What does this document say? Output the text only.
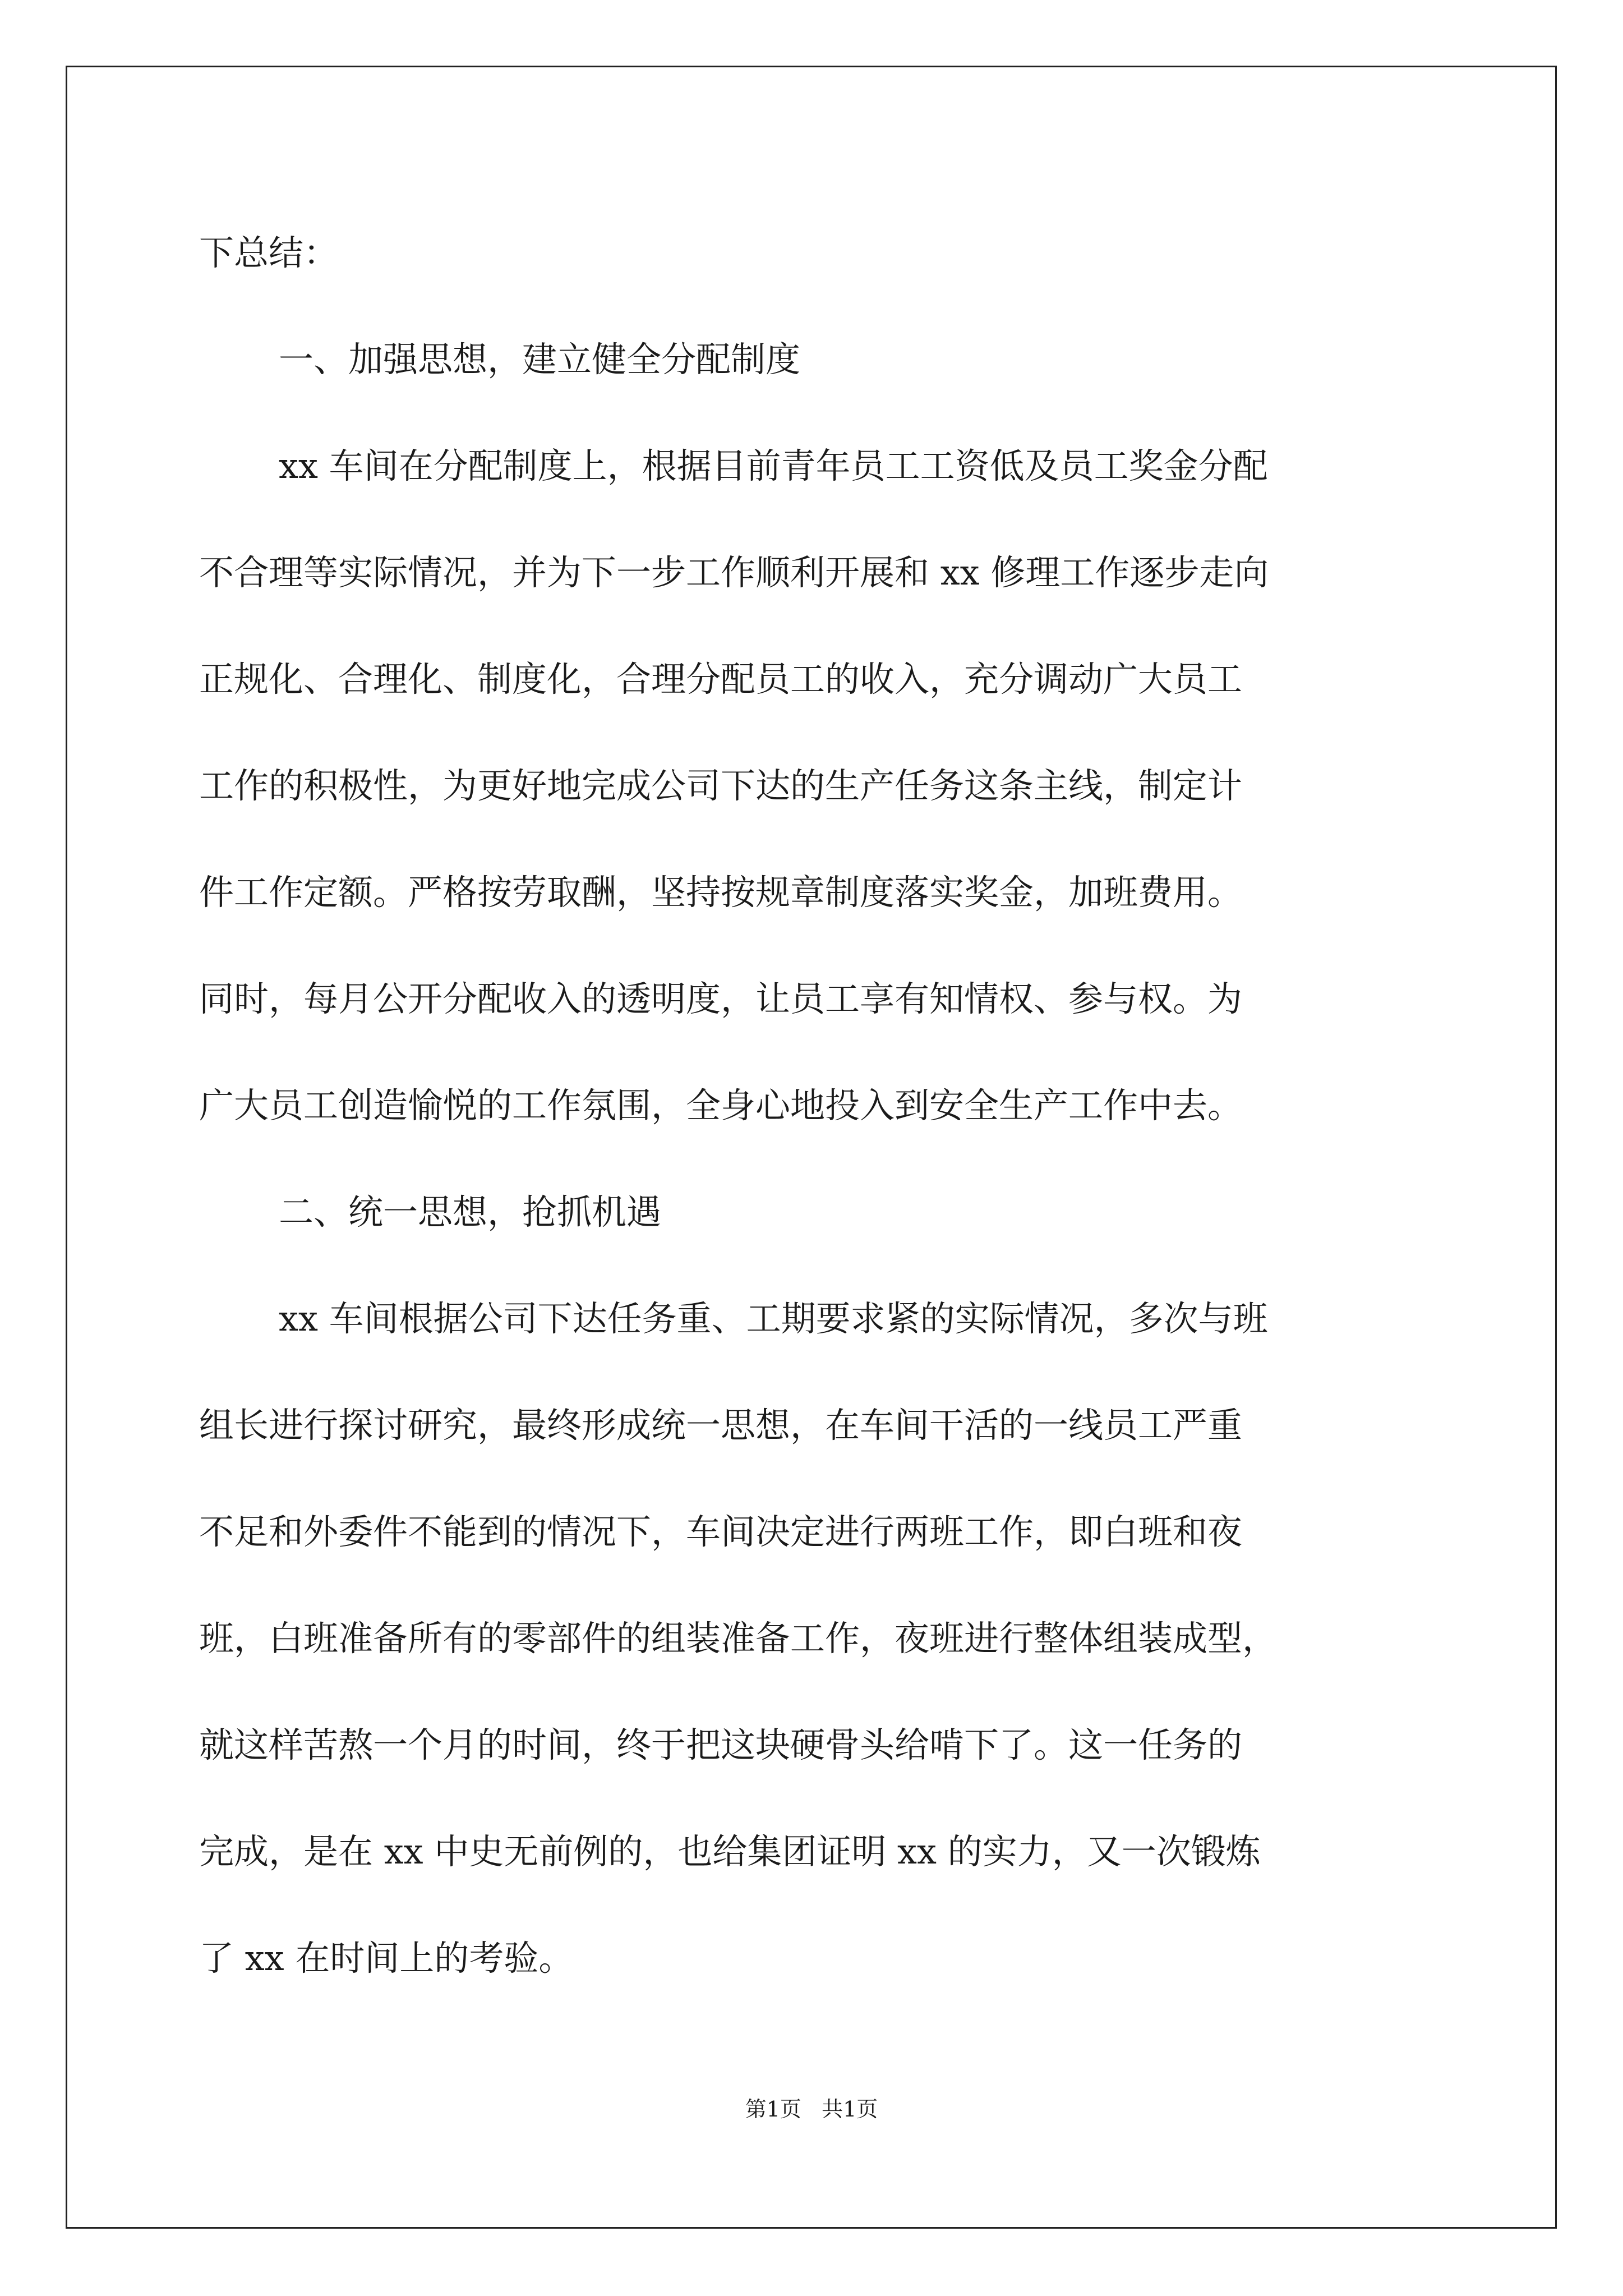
下总结：
一、加强思想，建立健全分配制度
xx 车间在分配制度上，根据目前青年员工工资低及员工奖金分配
不合理等实际情况，并为下一步工作顺利开展和 xx 修理工作逐步走向
正规化、合理化、制度化，合理分配员工的收入，充分调动广大员工
工作的积极性，为更好地完成公司下达的生产任务这条主线，制定计
件工作定额。严格按劳取酬，坚持按规章制度落实奖金，加班费用。
同时，每月公开分配收入的透明度，让员工享有知情权、参与权。为
广大员工创造愉悦的工作氛围，全身心地投入到安全生产工作中去。
二、统一思想，抢抓机遇
xx 车间根据公司下达任务重、工期要求紧的实际情况，多次与班
组长进行探讨研究，最终形成统一思想，在车间干活的一线员工严重
不足和外委件不能到的情况下，车间决定进行两班工作，即白班和夜
班，白班准备所有的零部件的组装准备工作，夜班进行整体组装成型，
就这样苦熬一个月的时间，终于把这块硬骨头给啃下了。这一任务的
完成，是在 xx 中史无前例的，也给集团证明 xx 的实力，又一次锻炼
了 xx 在时间上的考验。
第1页   共1页
